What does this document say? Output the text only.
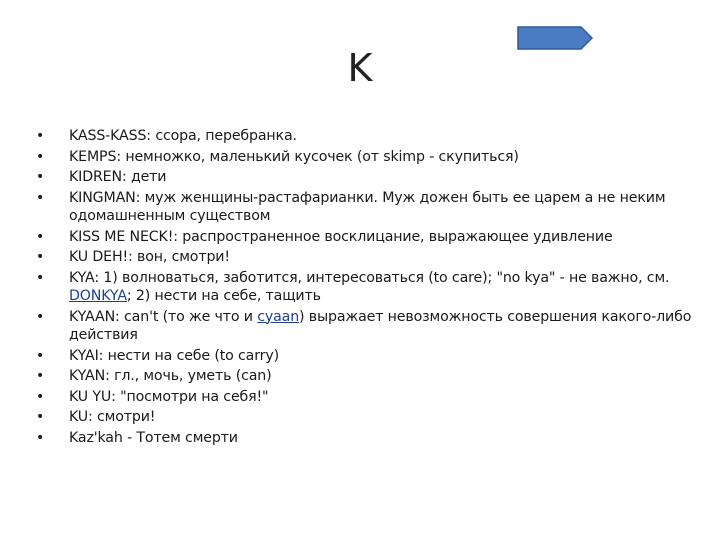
K
• KASS-KASS: ссора, перебранка.
• KEMPS: немножко, маленький кусочек (от skimp - скупиться)
• KIDREN: дети
• KINGMAN: муж женщины-растафарианки. Муж дожен быть ее царем а не неким одомашненным существом
• KISS ME NECK!: распространенное восклицание, выражающее удивление
• KU DEH!: вон, смотри!
• KYA: 1) волноваться, заботится, интересоваться (to care); "no kya" - не важно, см. DONKYA; 2) нести на себе, тащить
• KYAAN: can't (то же что и cyaan) выражает невозможность совершения какого-либо действия
• KYAI: нести на себе (to carry)
• KYAN: гл., мочь, уметь (can)
• KU YU: "посмотри на себя!"
• KU: смотри!
• Kaz'kah - Тотем смерти
